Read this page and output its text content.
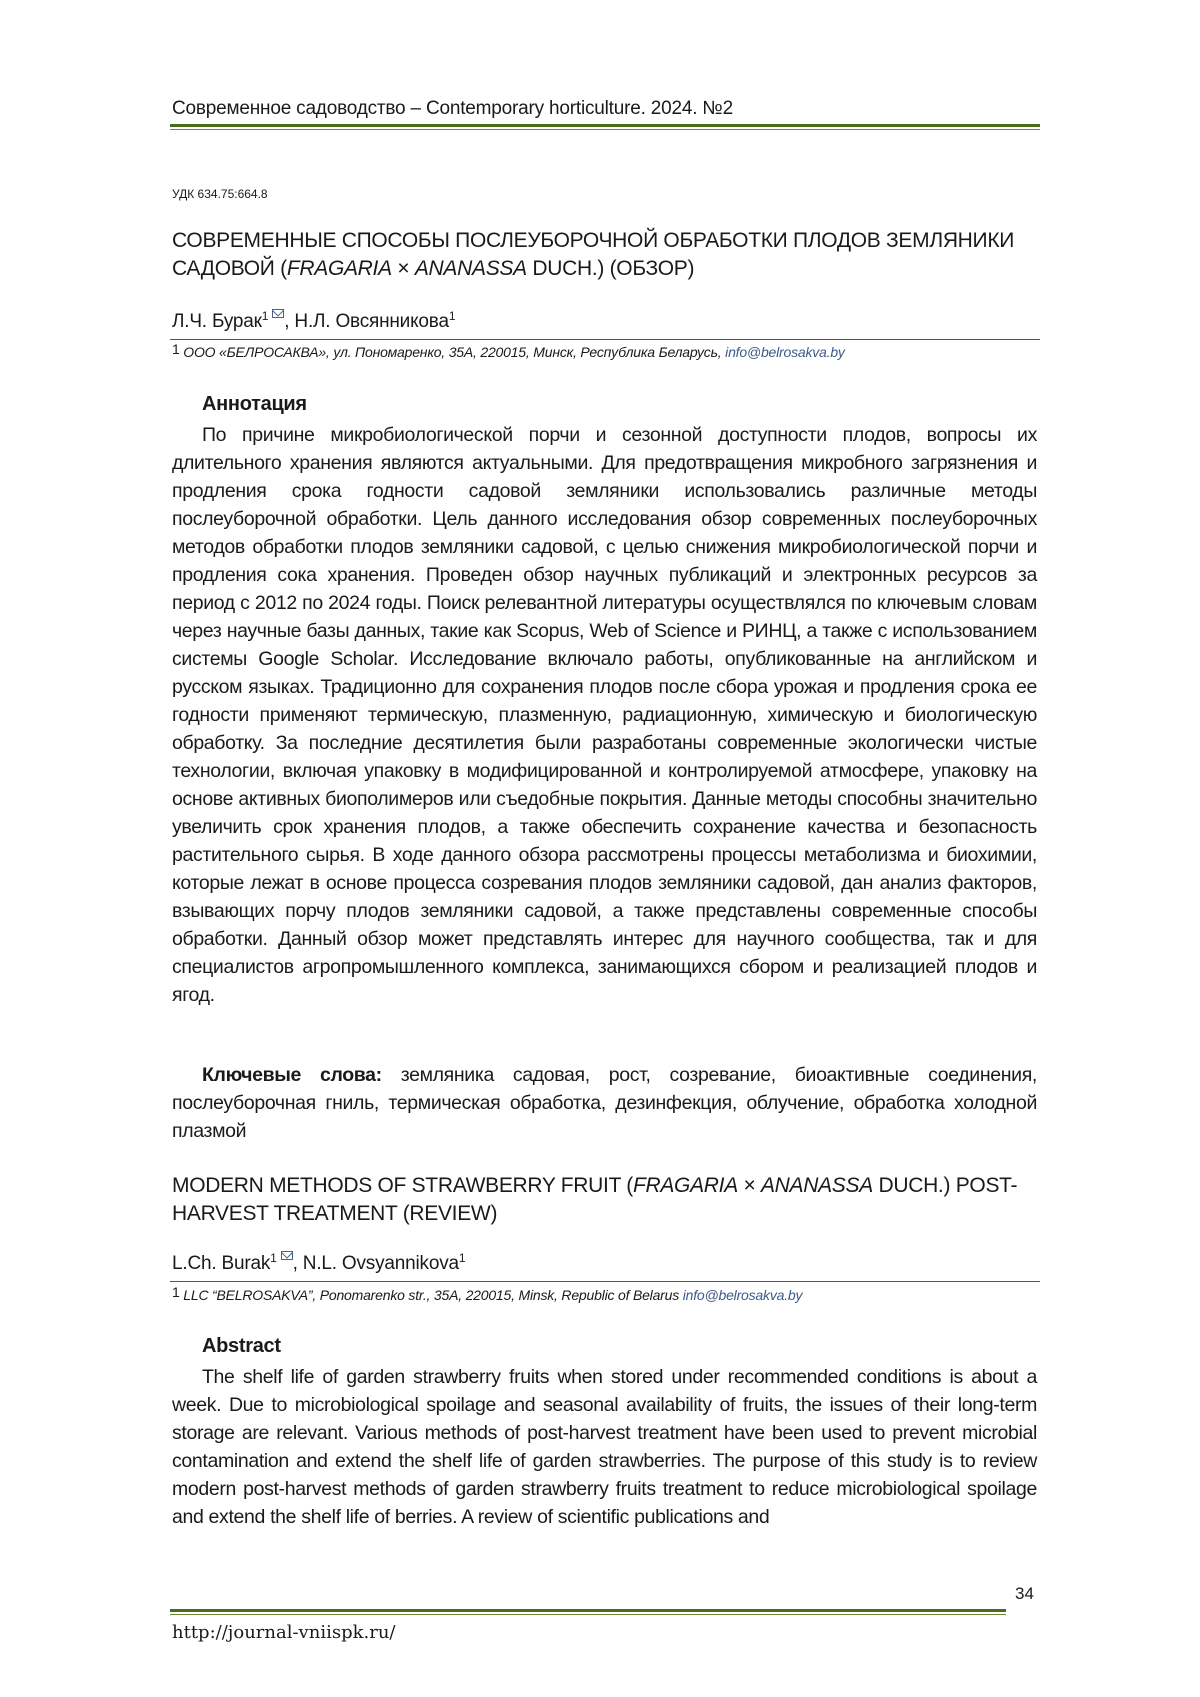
Современное садоводство – Contemporary horticulture. 2024. №2
УДК 634.75:664.8
СОВРЕМЕННЫЕ СПОСОБЫ ПОСЛЕУБОРОЧНОЙ ОБРАБОТКИ ПЛОДОВ ЗЕМЛЯНИКИ САДОВОЙ (FRAGARIA × ANANASSA DUCH.) (ОБЗОР)
Л.Ч. Бурак$^1$ , Н.Л. Овсянникова$^1$
1 ООО «БЕЛРОСАКВА», ул. Пономаренко, 35А, 220015, Минск, Республика Беларусь, info@belrosakva.by
Аннотация
По причине микробиологической порчи и сезонной доступности плодов, вопросы их длительного хранения являются актуальными. Для предотвращения микробного загрязнения и продления срока годности садовой земляники использовались различные методы послеуборочной обработки. Цель данного исследования обзор современных послеуборочных методов обработки плодов земляники садовой, с целью снижения микробиологической порчи и продления сока хранения. Проведен обзор научных публикаций и электронных ресурсов за период с 2012 по 2024 годы. Поиск релевантной литературы осуществлялся по ключевым словам через научные базы данных, такие как Scopus, Web of Science и РИНЦ, а также с использованием системы Google Scholar. Исследование включало работы, опубликованные на английском и русском языках. Традиционно для сохранения плодов после сбора урожая и продления срока ее годности применяют термическую, плазменную, радиационную, химическую и биологическую обработку. За последние десятилетия были разработаны современные экологически чистые технологии, включая упаковку в модифицированной и контролируемой атмосфере, упаковку на основе активных биополимеров или съедобные покрытия. Данные методы способны значительно увеличить срок хранения плодов, а также обеспечить сохранение качества и безопасность растительного сырья. В ходе данного обзора рассмотрены процессы метаболизма и биохимии, которые лежат в основе процесса созревания плодов земляники садовой, дан анализ факторов, взывающих порчу плодов земляники садовой, а также представлены современные способы обработки. Данный обзор может представлять интерес для научного сообщества, так и для специалистов агропромышленного комплекса, занимающихся сбором и реализацией плодов и ягод.
Ключевые слова: земляника садовая, рост, созревание, биоактивные соединения, послеуборочная гниль, термическая обработка, дезинфекция, облучение, обработка холодной плазмой
MODERN METHODS OF STRAWBERRY FRUIT (FRAGARIA × ANANASSA DUCH.) POST-HARVEST TREATMENT (REVIEW)
L.Ch. Burak$^1$ , N.L. Ovsyannikova$^1$
1 LLC “BELROSAKVA”, Ponomarenko str., 35A, 220015, Minsk, Republic of Belarus info@belrosakva.by
Abstract
The shelf life of garden strawberry fruits when stored under recommended conditions is about a week. Due to microbiological spoilage and seasonal availability of fruits, the issues of their long-term storage are relevant. Various methods of post-harvest treatment have been used to prevent microbial contamination and extend the shelf life of garden strawberries. The purpose of this study is to review modern post-harvest methods of garden strawberry fruits treatment to reduce microbiological spoilage and extend the shelf life of berries. A review of scientific publications and
34
http://journal-vniispk.ru/
